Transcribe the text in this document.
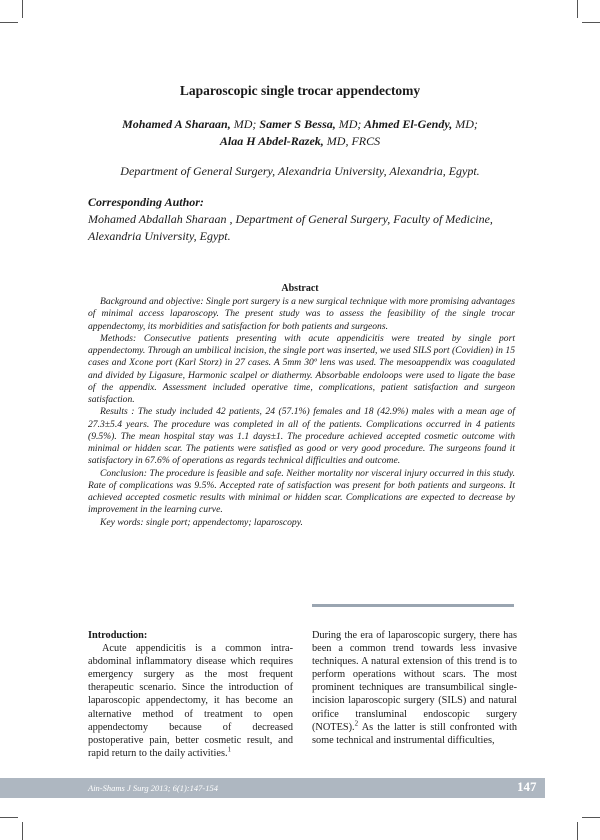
Laparoscopic single trocar appendectomy
Mohamed A Sharaan, MD; Samer S Bessa, MD; Ahmed El-Gendy, MD;
Alaa H Abdel-Razek, MD, FRCS
Department of General Surgery, Alexandria University, Alexandria, Egypt.
Corresponding Author:
Mohamed Abdallah Sharaan , Department of General Surgery, Faculty of Medicine, Alexandria University, Egypt.
Abstract

Background and objective: Single port surgery is a new surgical technique with more promising advantages of minimal access laparoscopy. The present study was to assess the feasibility of the single trocar appendectomy, its morbidities and satisfaction for both patients and surgeons.

Methods: Consecutive patients presenting with acute appendicitis were treated by single port appendectomy. Through an umbilical incision, the single port was inserted, we used SILS port (Covidien) in 15 cases and Xcone port (Karl Storz) in 27 cases. A 5mm 30º lens was used. The mesoappendix was coagulated and divided by Ligasure, Harmonic scalpel or diathermy. Absorbable endoloops were used to ligate the base of the appendix. Assessment included operative time, complications, patient satisfaction and surgeon satisfaction.

Results : The study included 42 patients, 24 (57.1%) females and 18 (42.9%) males with a mean age of 27.3±5.4 years. The procedure was completed in all of the patients. Complications occurred in 4 patients (9.5%). The mean hospital stay was 1.1 days±1. The procedure achieved accepted cosmetic outcome with minimal or hidden scar. The patients were satisfied as good or very good procedure. The surgeons found it satisfactory in 67.6% of operations as regards technical difficulties and outcome.

Conclusion: The procedure is feasible and safe. Neither mortality nor visceral injury occurred in this study. Rate of complications was 9.5%. Accepted rate of satisfaction was present for both patients and surgeons. It achieved accepted cosmetic results with minimal or hidden scar. Complications are expected to decrease by improvement in the learning curve.

Key words: single port; appendectomy; laparoscopy.

Introduction:

Acute appendicitis is a common intra-abdominal inflammatory disease which requires emergency surgery as the most frequent therapeutic scenario. Since the introduction of laparoscopic appendectomy, it has become an alternative method of treatment to open appendectomy because of decreased postoperative pain, better cosmetic result, and rapid return to the daily activities.$^1$

During the era of laparoscopic surgery, there has been a common trend towards less invasive techniques. A natural extension of this trend is to perform operations without scars. The most prominent techniques are transumbilical single-incision laparoscopic surgery (SILS) and natural orifice transluminal endoscopic surgery (NOTES).$^2$ As the latter is still confronted with some technical and instrumental difficulties,

Ain-Shams J Surg 2013; 6(1):147-154	147
